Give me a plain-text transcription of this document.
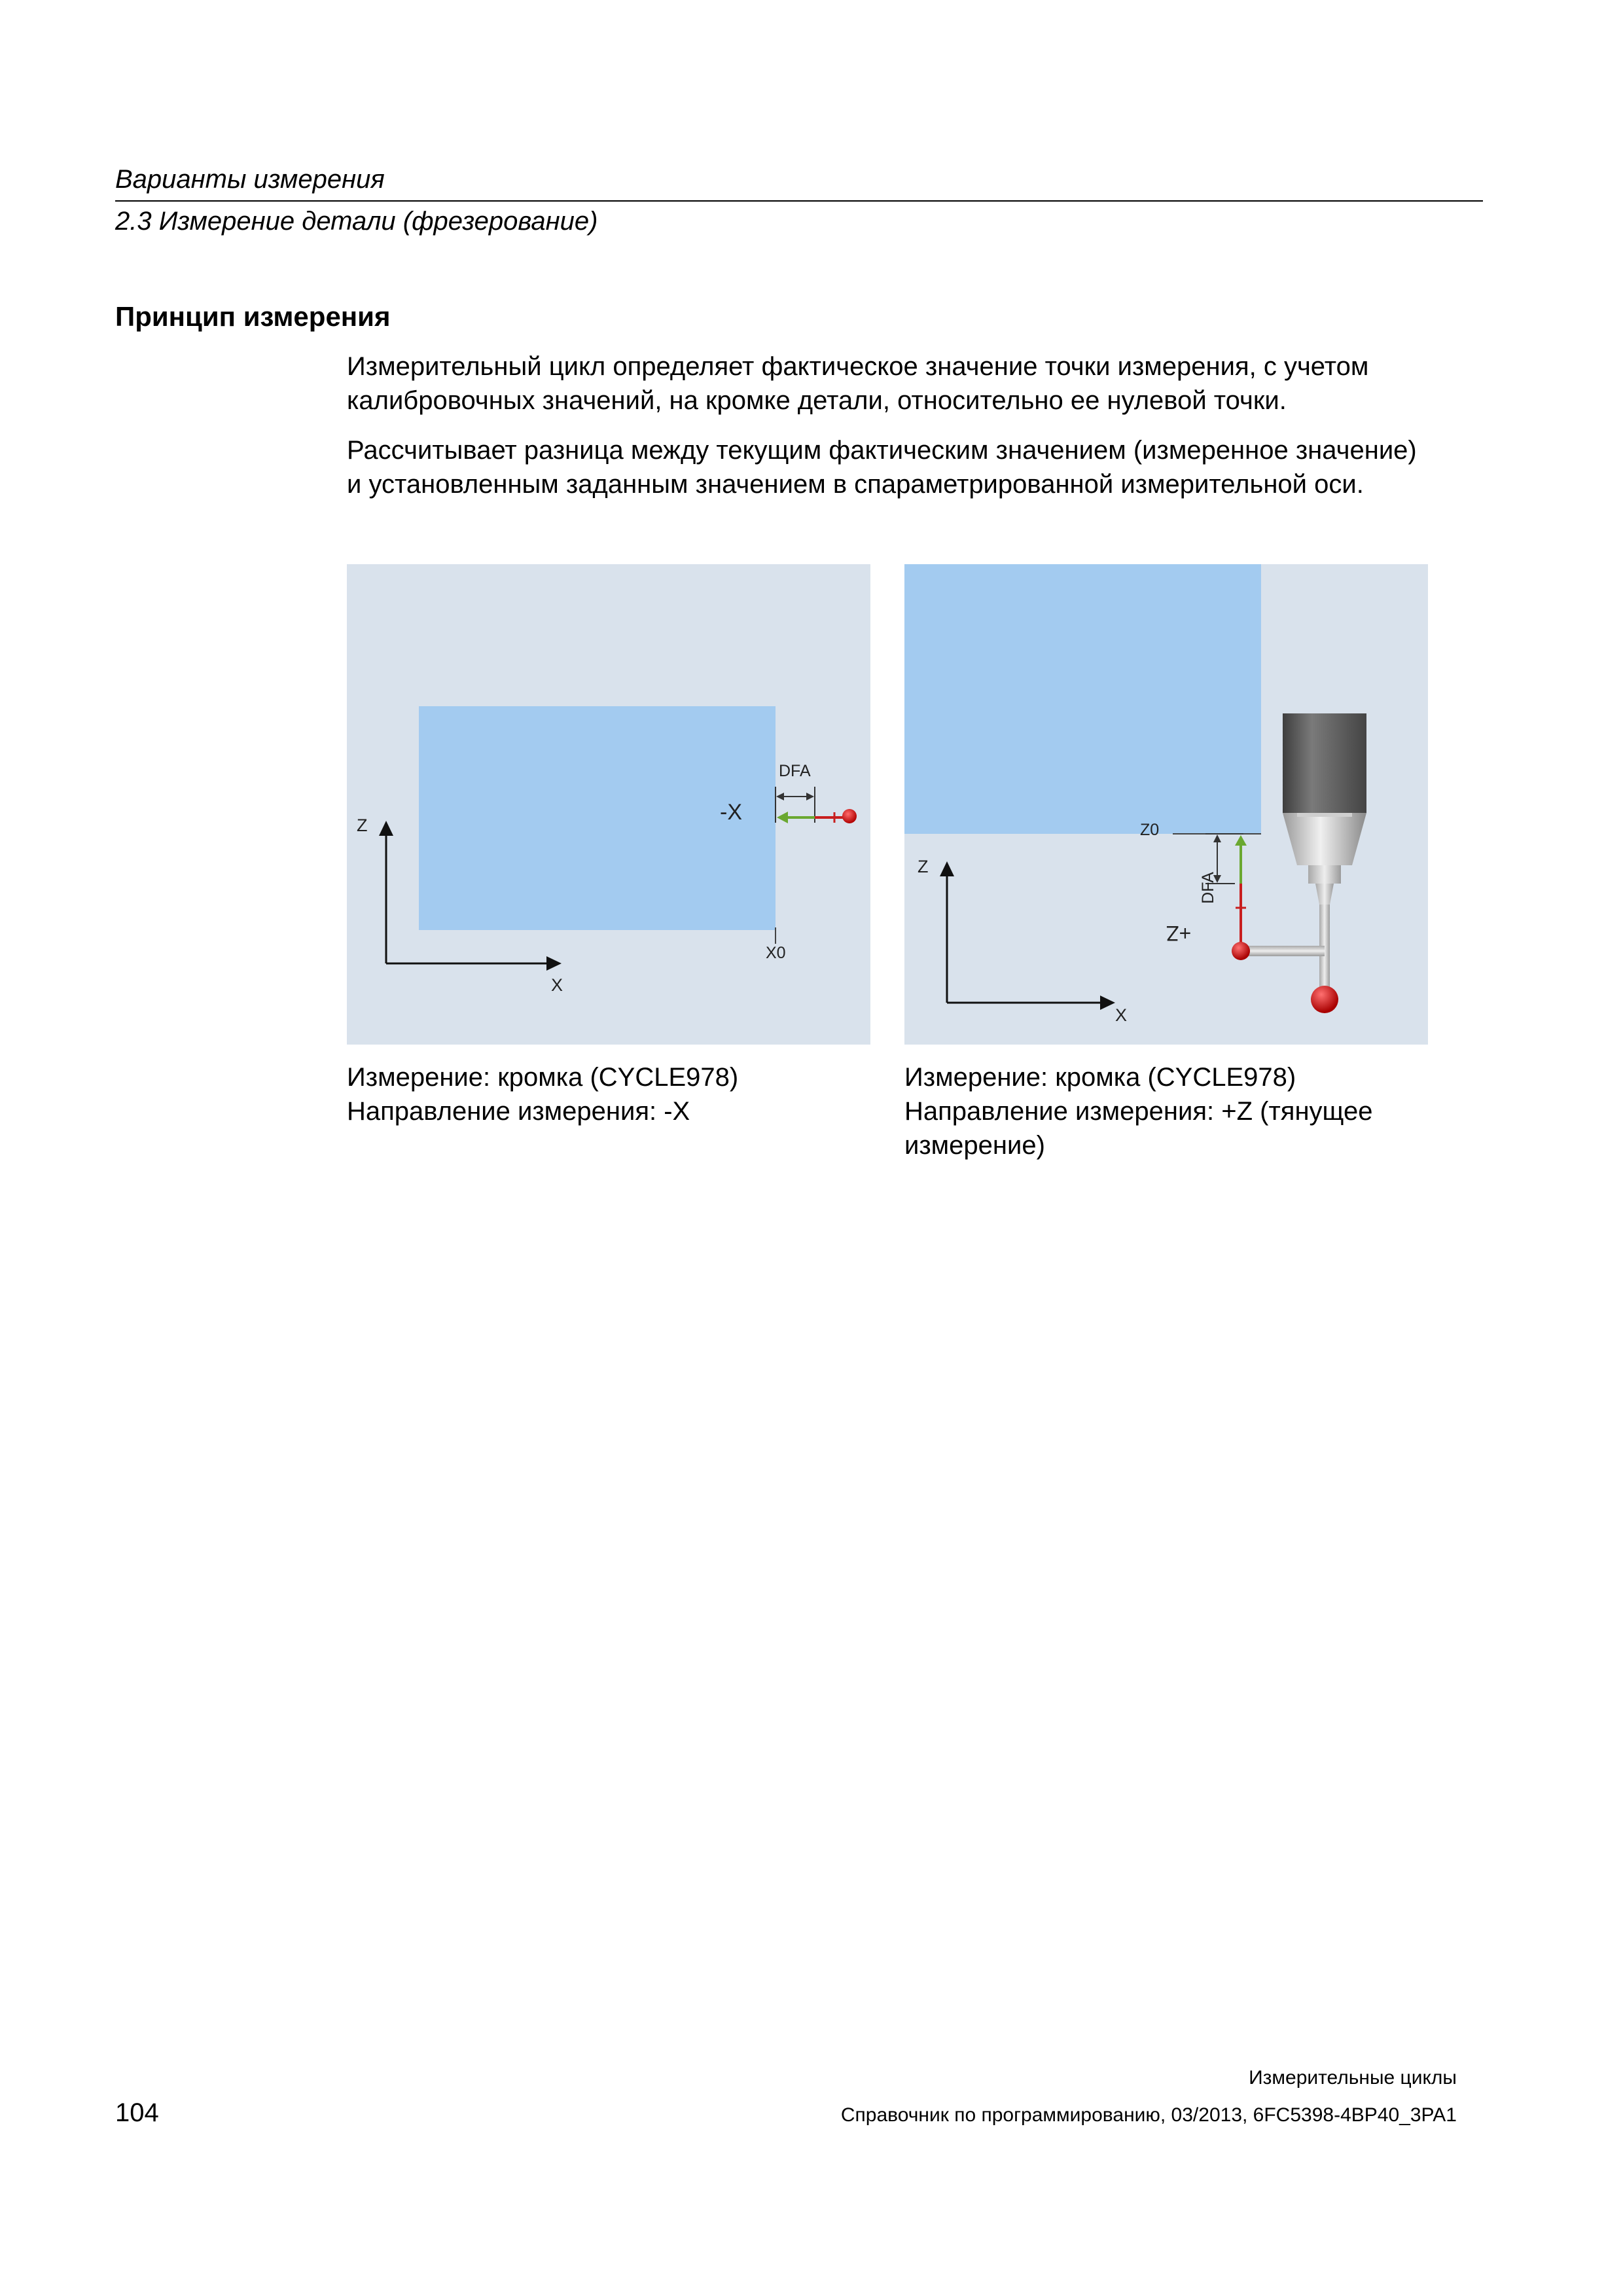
Варианты измерения
2.3 Измерение детали (фрезерование)
Принцип измерения
Измерительный цикл определяет фактическое значение точки измерения, с учетом
калибровочных значений, на кромке детали, относительно ее нулевой точки.
Рассчитывает разница между текущим фактическим значением (измеренное значение)
и установленным заданным значением в спараметрированной измерительной оси.
Z
X
DFA
-X
X0
Z
X
DFA
+Z
Z0
Измерение: кромка (CYCLE978)
Направление измерения: -X
Измерение: кромка (CYCLE978)
Направление измерения: +Z (тянущее
измерение)
Измерительные циклы
104	Справочник по программированию, 03/2013, 6FC5398-4BP40_3PA1
